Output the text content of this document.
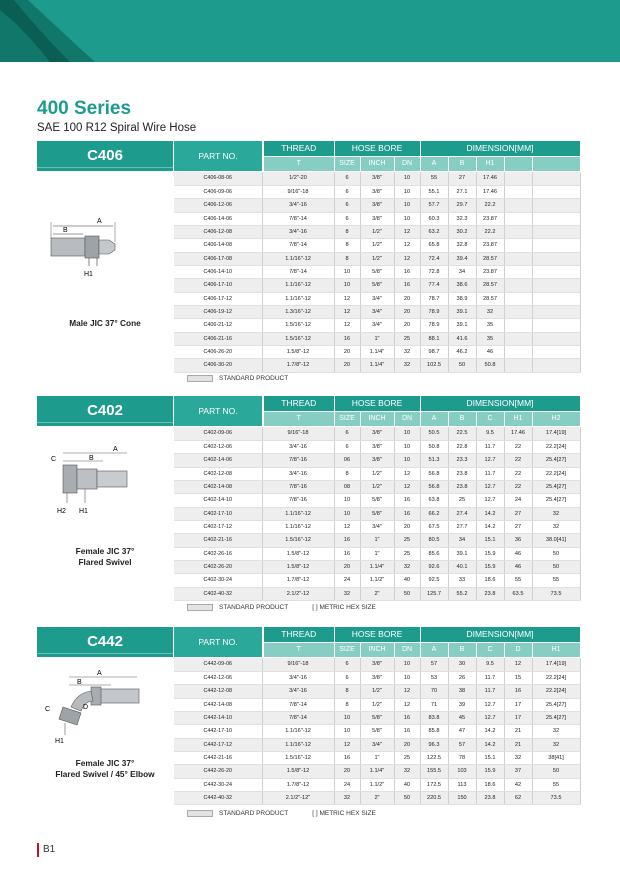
400 Series
SAE 100 R12 Spiral Wire Hose
C406	PART NO.
THREAD	HOSE BORE			DIMENSION[MM]				
T	SIZE	INCH	DN	A	B	H1		
C406-08-06	1/2"-20	6	3/8"	10	55	27	17.46		
C406-09-06	9/16"-18	6	3/8"	10	55.1	27.1	17.46		
C406-12-06	3/4"-16	6	3/8"	10	57.7	29.7	22.2		
C406-14-06	7/8"-14	6	3/8"	10	60.3	32.3	23.87		
C406-12-08	3/4"-16	8	1/2"	12	63.2	30.2	22.2		
C406-14-08	7/8"-14	8	1/2"	12	65.8	32.8	23.87		
C406-17-08	1.1/16"-12	8	1/2"	12	72.4	39.4	28.57		
C406-14-10	7/8"-14	10	5/8"	16	72.8	34	23.87		
C406-17-10	1.1/16"-12	10	5/8"	16	77.4	38.6	28.57		
C406-17-12	1.1/16"-12	12	3/4"	20	78.7	38.9	28.57		
C406-19-12	1.3/16"-12	12	3/4"	20	78.9	39.1	32		
C406-21-12	1.5/16"-12	12	3/4"	20	78.9	39.1	35		
C406-21-16	1.5/16"-12	16	1"	25	88.1	41.6	35		
C406-26-20	1.5/8"-12	20	1.1/4"	32	98.7	46.2	46		
C406-30-20	1.7/8"-12	20	1.1/4"	32	102.5	50	50.8		
A
B
H1
Male JIC 37° Cone
STANDARD PRODUCT
C402	PART NO.
THREAD	HOSE BORE			DIMENSION[MM]				
T	SIZE	INCH	DN	A	B	C	H1	H2
C402-09-06	9/16"-18	6	3/8"	10	50.5	22.5	9.5	17.46	17.4[19]
C402-12-06	3/4"-16	6	3/8"	10	50.8	22.8	11.7	22	22.2[24]
C402-14-06	7/8"-16	06	3/8"	10	51.3	23.3	12.7	22	25.4[27]
C402-12-08	3/4"-16	8	1/2"	12	56.8	23.8	11.7	22	22.2[24]
C402-14-08	7/8"-16	08	1/2"	12	56.8	23.8	12.7	22	25.4[27]
C402-14-10	7/8"-16	10	5/8"	16	63.8	25	12.7	24	25.4[27]
C402-17-10	1.1/16"-12	10	5/8"	16	66.2	27.4	14.2	27	32
C402-17-12	1.1/16"-12	12	3/4"	20	67.5	27.7	14.2	27	32
C402-21-16	1.5/16"-12	16	1"	25	80.5	34	15.1	36	38.0[41]
C402-26-16	1.5/8"-12	16	1"	25	85.6	39.1	15.9	46	50
C402-26-20	1.5/8"-12	20	1.1/4"	32	92.6	40.1	15.9	46	50
C402-30-24	1.7/8"-12	24	1.1/2"	40	92.5	33	18.6	55	55
C402-40-32	2.1/2"-12	32	2"	50	125.7	55.2	23.8	63.5	73.5
A
B
C
H2 H1
Female JIC 37°
Flared Swivel
STANDARD PRODUCT	[ ] METRIC HEX SIZE
C442	PART NO.
THREAD	HOSE BORE			DIMENSION[MM]				
T	SIZE	INCH	DN	A	B	C	D	H1
C442-09-06	9/16"-18	6	3/8"	10	57	30	9.5	12	17.4[19]
C442-12-06	3/4"-16	6	3/8"	10	53	26	11.7	15	22.2[24]
C442-12-08	3/4"-16	8	1/2"	12	70	38	11.7	16	22.2[24]
C442-14-08	7/8"-14	8	1/2"	12	71	39	12.7	17	25.4[27]
C442-14-10	7/8"-14	10	5/8"	16	83.8	45	12.7	17	25.4[27]
C442-17-10	1.1/16"-12	10	5/8"	16	85.8	47	14.2	21	32
C442-17-12	1.1/16"-12	12	3/4"	20	96.3	57	14.2	21	32
C442-21-16	1.5/16"-12	16	1"	25	122.5	78	15.1	32	38[41]
C442-26-20	1.5/8"-12	20	1.1/4"	32	155.5	103	15.9	37	50
C442-30-24	1.7/8"-12	24	1.1/2"	40	172.5	113	18.6	42	55
C442-40-32	2.1/2"-12"	32	2"	50	220.5	150	23.8	62	73.5
A
B
C	D
H1
Female JIC 37°
Flared Swivel / 45° Elbow
STANDARD PRODUCT	[ ] METRIC HEX SIZE
B1
